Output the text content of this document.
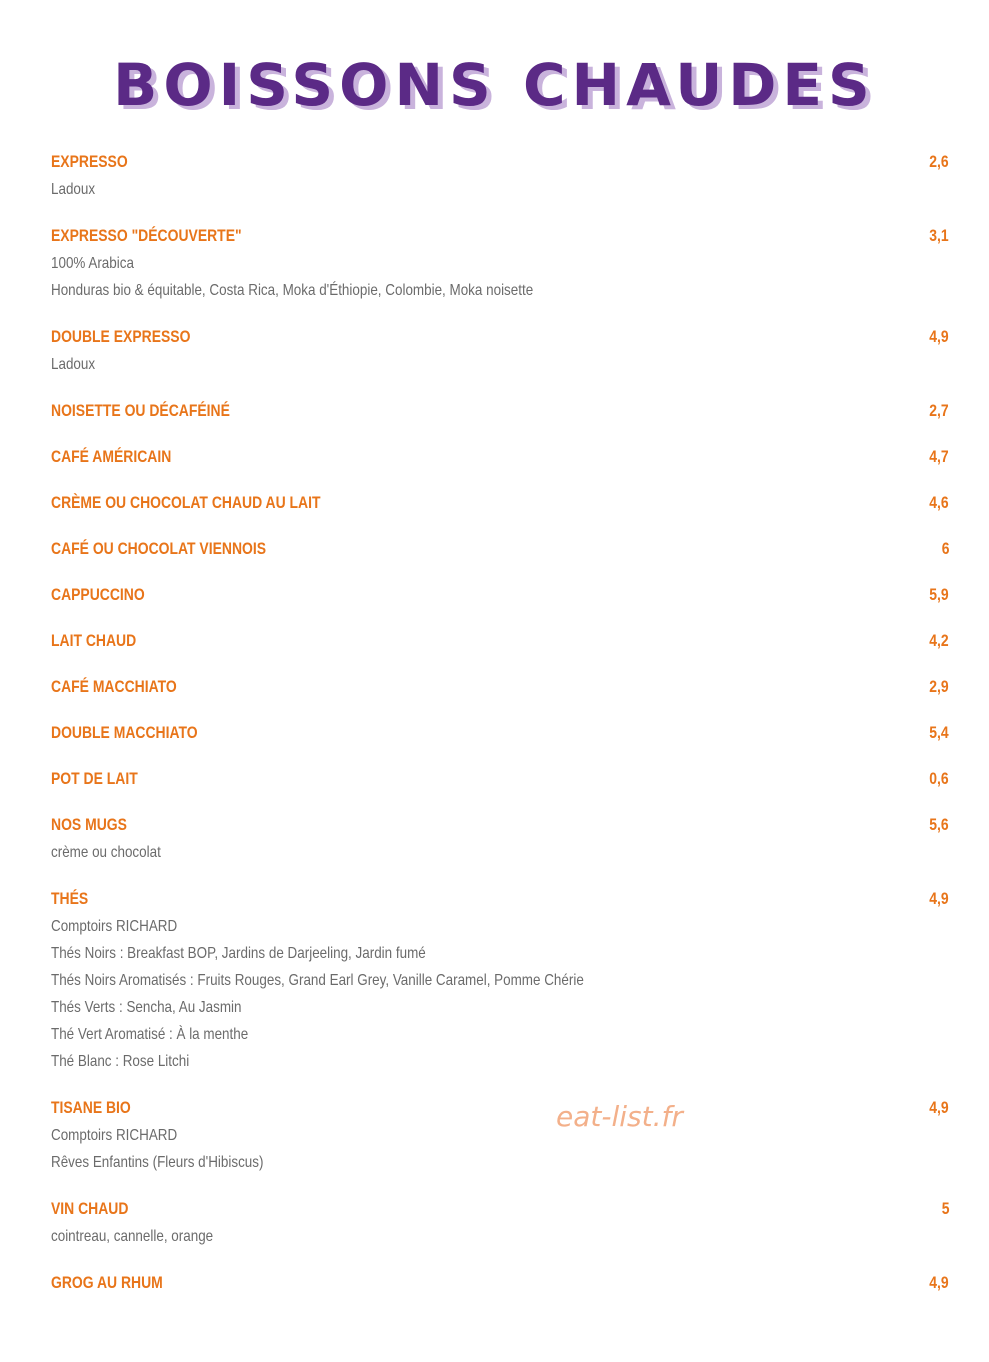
BOISSONS CHAUDES
EXPRESSO	2,6
Ladoux
EXPRESSO "DÉCOUVERTE"	3,1
100% Arabica
Honduras bio & équitable, Costa Rica, Moka d'Éthiopie, Colombie, Moka noisette
DOUBLE EXPRESSO	4,9
Ladoux
NOISETTE OU DÉCAFÉINÉ	2,7
CAFÉ AMÉRICAIN	4,7
CRÈME OU CHOCOLAT CHAUD AU LAIT	4,6
CAFÉ OU CHOCOLAT VIENNOIS	6
CAPPUCCINO	5,9
LAIT CHAUD	4,2
CAFÉ MACCHIATO	2,9
DOUBLE MACCHIATO	5,4
POT DE LAIT	0,6
NOS MUGS	5,6
crème ou chocolat
THÉS	4,9
Comptoirs RICHARD
Thés Noirs : Breakfast BOP, Jardins de Darjeeling, Jardin fumé
Thés Noirs Aromatisés : Fruits Rouges, Grand Earl Grey, Vanille Caramel, Pomme Chérie
Thés Verts : Sencha, Au Jasmin
Thé Vert Aromatisé : À la menthe
Thé Blanc : Rose Litchi
TISANE BIO	4,9
Comptoirs RICHARD
Rêves Enfantins (Fleurs d'Hibiscus)
VIN CHAUD	5
cointreau, cannelle, orange
GROG AU RHUM	4,9

eat-list.fr
